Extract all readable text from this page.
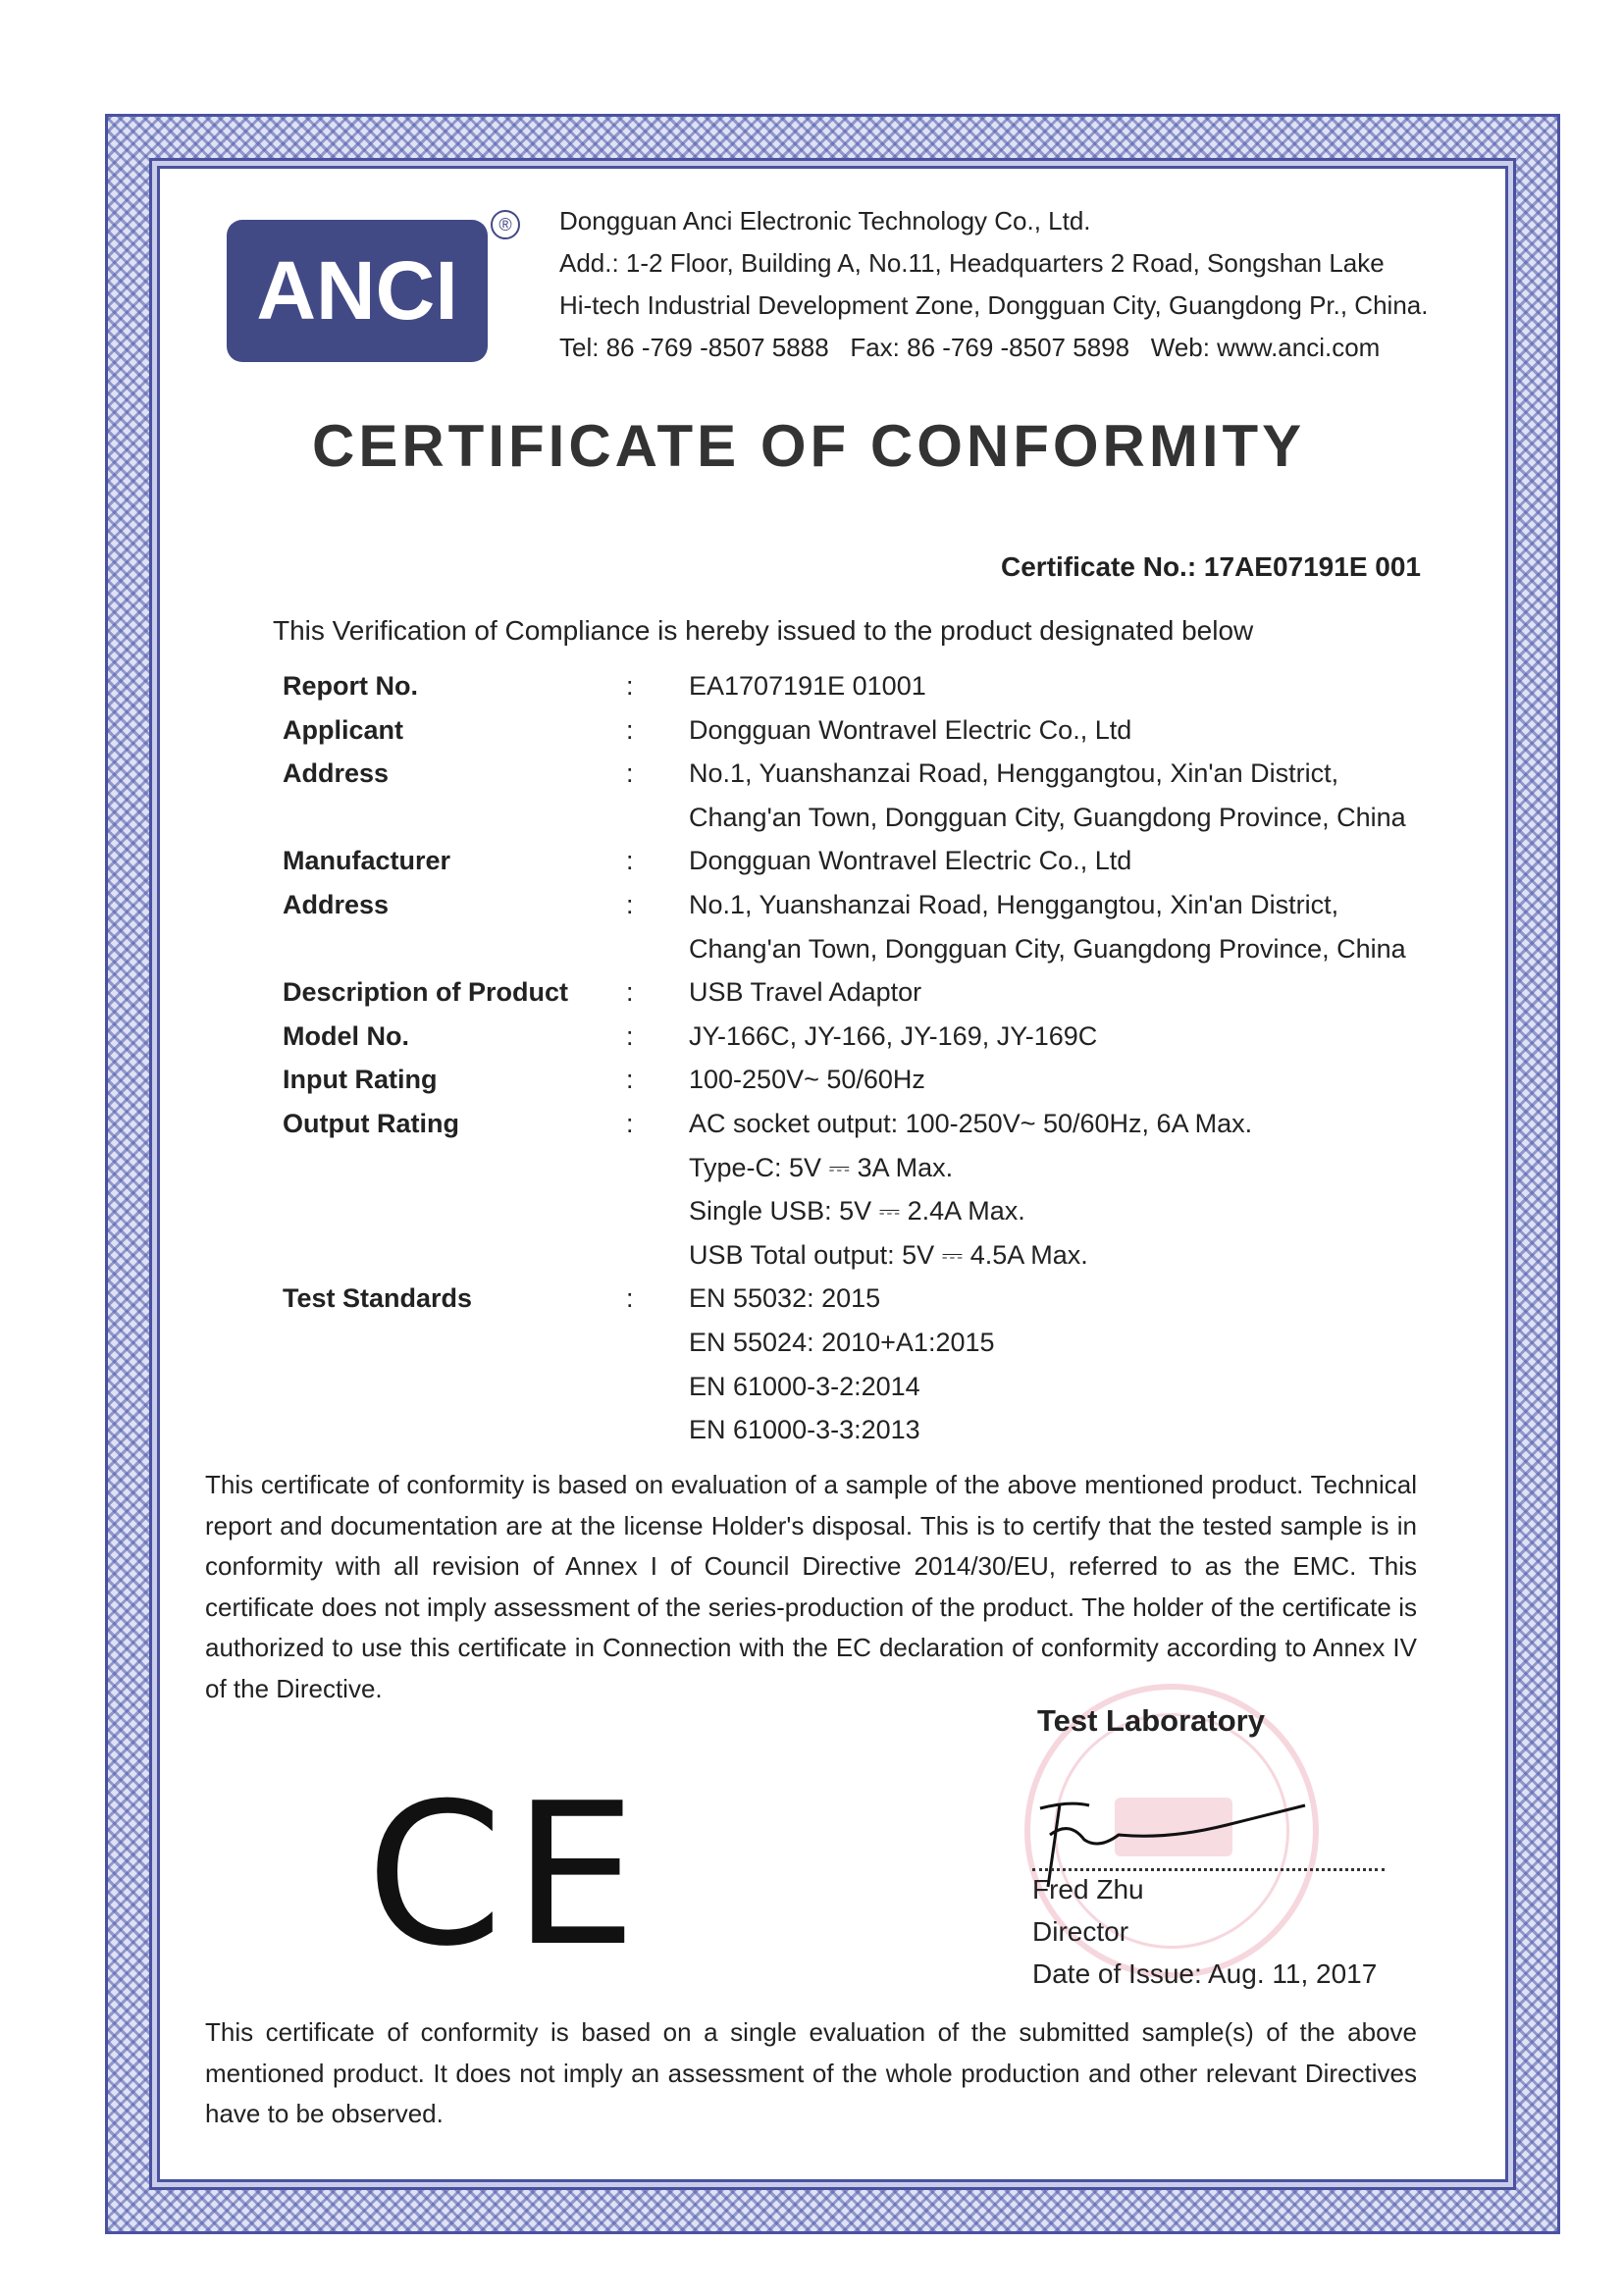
ANCI
®	Dongguan Anci Electronic Technology Co., Ltd.
Add.: 1-2 Floor, Building A, No.11, Headquarters 2 Road, Songshan Lake
Hi-tech Industrial Development Zone, Dongguan City, Guangdong Pr., China.
Tel: 86 -769 -8507 5888   Fax: 86 -769 -8507 5898   Web: www.anci.com
CERTIFICATE OF CONFORMITY
Certificate No.: 17AE07191E 001
This Verification of Compliance is hereby issued to the product designated below
Report No.	: EA1707191E 01001
Applicant	: Dongguan Wontravel Electric Co., Ltd
Address	: No.1, Yuanshanzai Road, Henggangtou, Xin'an District,
Chang'an Town, Dongguan City, Guangdong Province, China
Manufacturer	: Dongguan Wontravel Electric Co., Ltd
Address	: No.1, Yuanshanzai Road, Henggangtou, Xin'an District,
Chang'an Town, Dongguan City, Guangdong Province, China
Description of Product : USB Travel Adaptor
Model No.	: JY-166C, JY-166, JY-169, JY-169C
Input Rating	: 100-250V~ 50/60Hz
Output Rating	: AC socket output: 100-250V~ 50/60Hz, 6A Max.
Type-C: 5V ⎓ 3A Max.
Single USB: 5V ⎓ 2.4A Max.
USB Total output: 5V ⎓ 4.5A Max.
Test Standards	: EN 55032: 2015
EN 55024: 2010+A1:2015
EN 61000-3-2:2014
EN 61000-3-3:2013
This certificate of conformity is based on evaluation of a sample of the above mentioned product. Technical report and documentation are at the license Holder's disposal. This is to certify that the tested sample is in conformity with all revision of Annex I of Council Directive 2014/30/EU, referred to as the EMC. This certificate does not imply assessment of the series-production of the product. The holder of the certificate is authorized to use this certificate in Connection with the EC declaration of conformity according to Annex IV of the Directive.
CE
Test Laboratory
Fred Zhu
Director
Date of Issue: Aug. 11, 2017
This certificate of conformity is based on a single evaluation of the submitted sample(s) of the above mentioned product. It does not imply an assessment of the whole production and other relevant Directives have to be observed.
